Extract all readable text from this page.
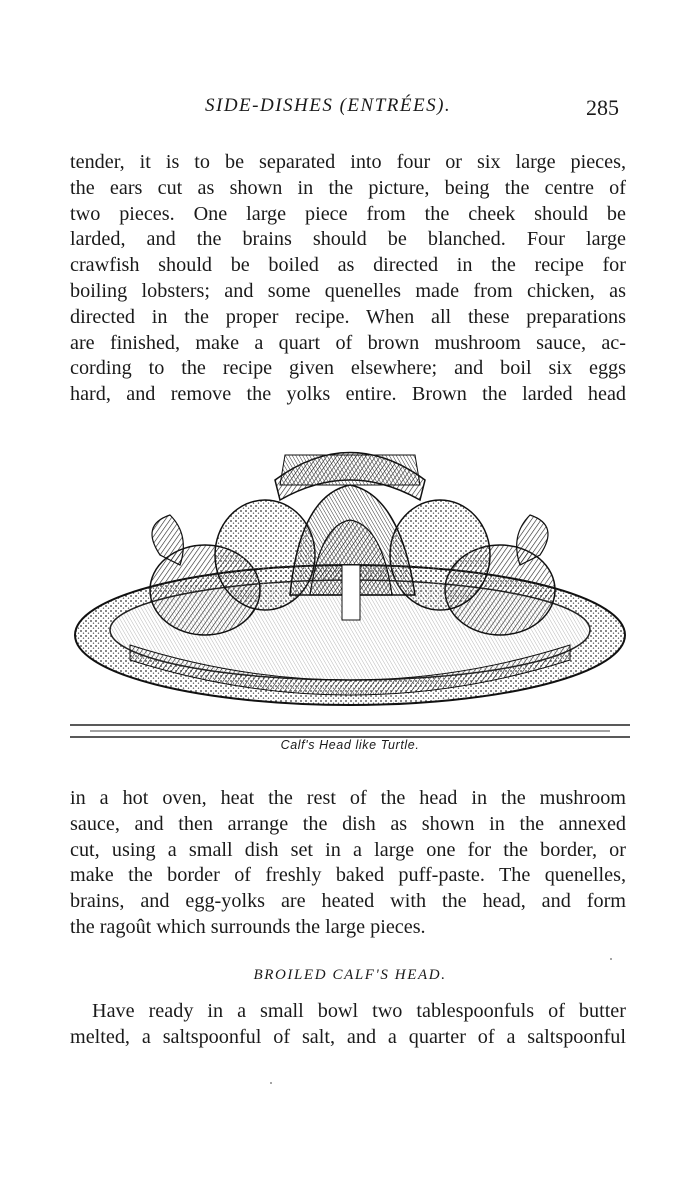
SIDE-DISHES (ENTRÉES).	285
tender, it is to be separated into four or six large pieces,
the ears cut as shown in the picture, being the centre of
two pieces. One large piece from the cheek should be
larded, and the brains should be blanched. Four large
crawfish should be boiled as directed in the recipe for
boiling lobsters; and some quenelles made from chicken, as
directed in the proper recipe. When all these preparations
are finished, make a quart of brown mushroom sauce, ac-
cording to the recipe given elsewhere; and boil six eggs
hard, and remove the yolks entire. Brown the larded head
Calf's Head like Turtle.
in a hot oven, heat the rest of the head in the mushroom
sauce, and then arrange the dish as shown in the annexed
cut, using a small dish set in a large one for the border, or
make the border of freshly baked puff-paste. The quenelles,
brains, and egg-yolks are heated with the head, and form
the ragoût which surrounds the large pieces.
BROILED CALF'S HEAD.
Have ready in a small bowl two tablespoonfuls of butter
melted, a saltspoonful of salt, and a quarter of a saltspoonful
